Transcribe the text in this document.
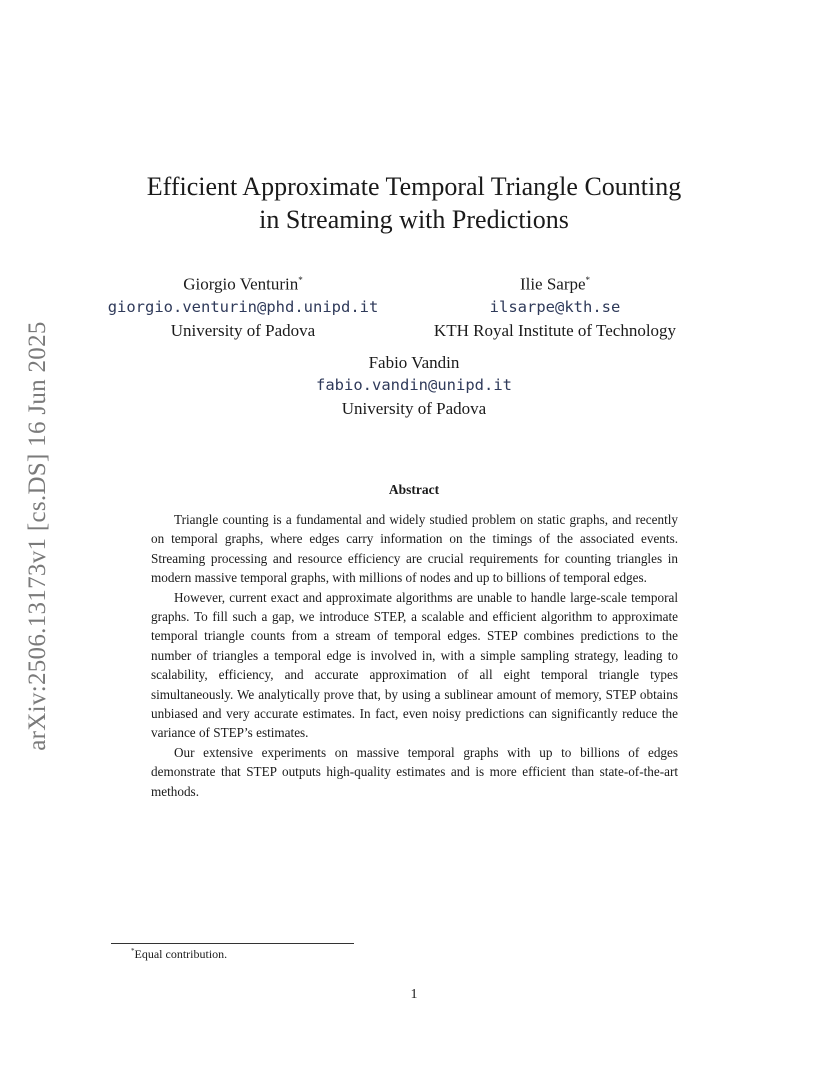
arXiv:2506.13173v1 [cs.DS] 16 Jun 2025
Efficient Approximate Temporal Triangle Counting
in Streaming with Predictions
Giorgio Venturin*
giorgio.venturin@phd.unipd.it
University of Padova
Ilie Sarpe*
ilsarpe@kth.se
KTH Royal Institute of Technology
Fabio Vandin
fabio.vandin@unipd.it
University of Padova
Abstract

Triangle counting is a fundamental and widely studied problem on static graphs, and recently on temporal graphs, where edges carry information on the timings of the associated events. Streaming processing and resource efficiency are crucial requirements for counting triangles in modern massive temporal graphs, with millions of nodes and up to billions of temporal edges.

However, current exact and approximate algorithms are unable to handle large-scale temporal graphs. To fill such a gap, we introduce STEP, a scalable and efficient algorithm to approximate temporal triangle counts from a stream of temporal edges. STEP combines predictions to the number of triangles a temporal edge is involved in, with a simple sampling strategy, leading to scalability, efficiency, and accurate approximation of all eight temporal triangle types simultaneously. We analytically prove that, by using a sublinear amount of memory, STEP obtains unbiased and very accurate estimates. In fact, even noisy predictions can significantly reduce the variance of STEP’s estimates.

Our extensive experiments on massive temporal graphs with up to billions of edges demonstrate that STEP outputs high-quality estimates and is more efficient than state-of-the-art methods.

*Equal contribution.
1
